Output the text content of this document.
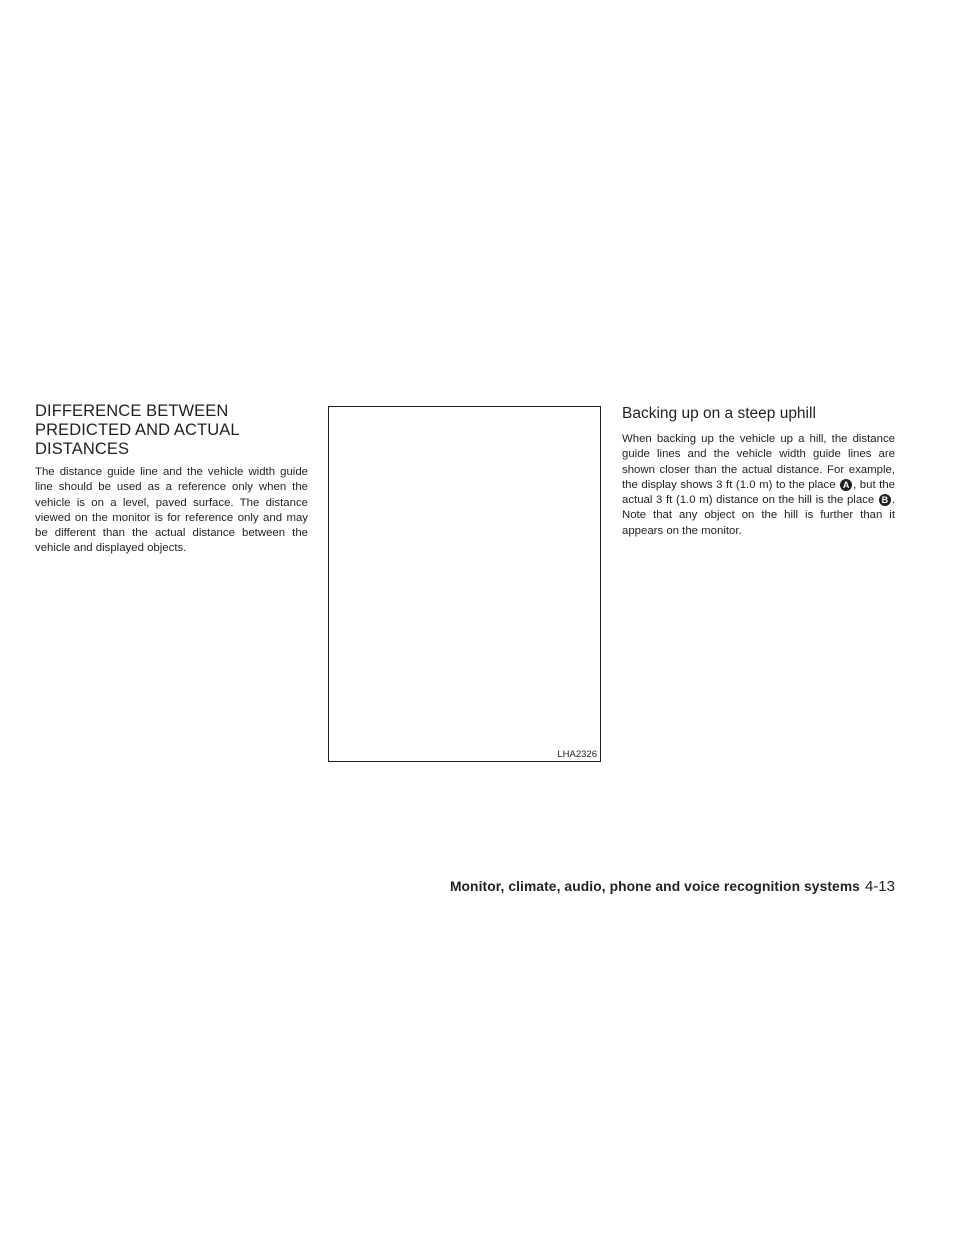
DIFFERENCE BETWEEN
PREDICTED AND ACTUAL
DISTANCES

The distance guide line and the vehicle width guide line should be used as a reference only when the vehicle is on a level, paved surface. The distance viewed on the monitor is for reference only and may be different than the actual distance between the vehicle and displayed objects.

LHA2326
Backing up on a steep uphill

When backing up the vehicle up a hill, the distance guide lines and the vehicle width guide lines are shown closer than the actual distance. For example, the display shows 3 ft (1.0 m) to the place A , but the actual 3 ft (1.0 m) distance on the hill is the place B . Note that any object on the hill is further than it appears on the monitor.

Monitor, climate, audio, phone and voice recognition systems 4-13
